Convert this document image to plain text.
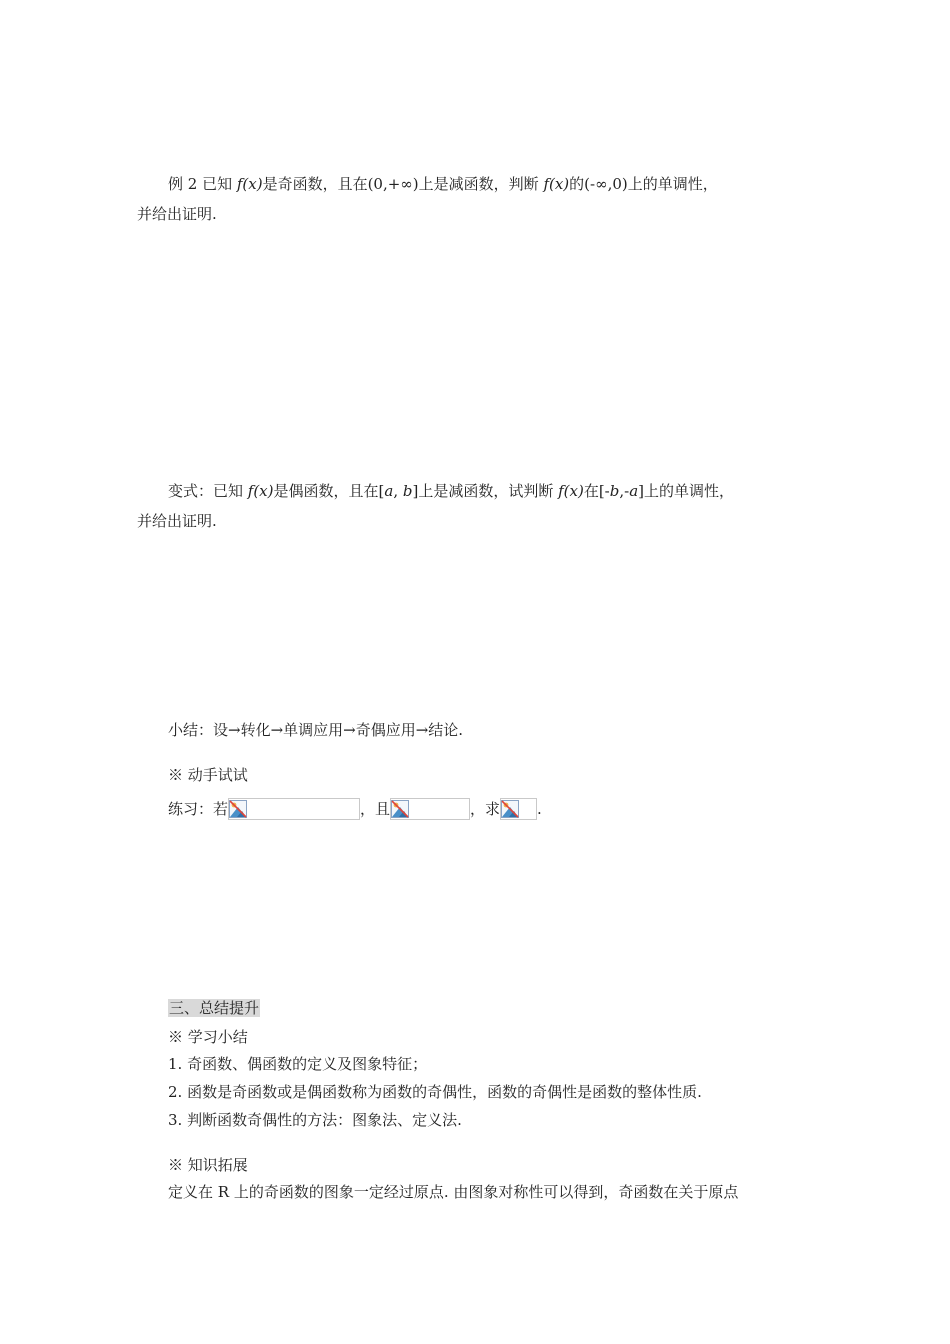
例 2 已知 f(x)是奇函数，且在(0,+∞)上是减函数，判断 f(x)的(-∞,0)上的单调性，
并给出证明.
变式：已知 f(x)是偶函数，且在[a, b]上是减函数，试判断 f(x)在[-b,-a]上的单调性，
并给出证明.
小结：设→转化→单调应用→奇偶应用→结论.
※ 动手试试
练习：若	，且	，求 .
三、总结提升
※ 学习小结
1. 奇函数、偶函数的定义及图象特征；
2. 函数是奇函数或是偶函数称为函数的奇偶性，函数的奇偶性是函数的整体性质.
3. 判断函数奇偶性的方法：图象法、定义法.
※ 知识拓展
定义在 R 上的奇函数的图象一定经过原点. 由图象对称性可以得到，奇函数在关于原点
